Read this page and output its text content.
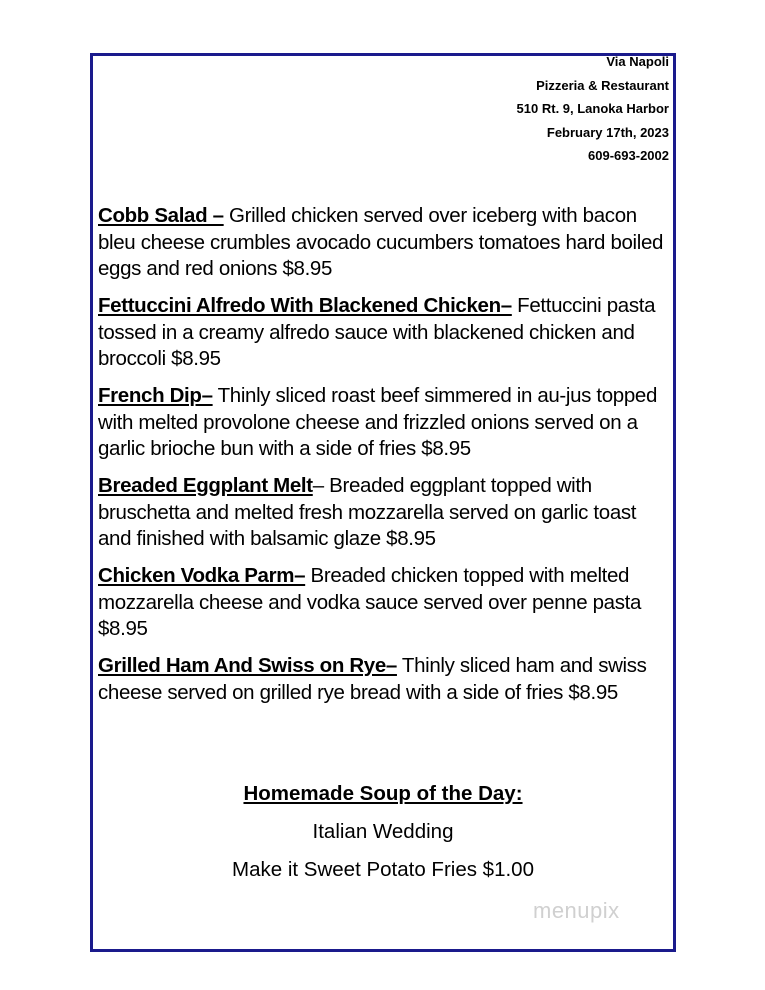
Via Napoli
Pizzeria & Restaurant
510 Rt. 9, Lanoka Harbor
February 17th, 2023
609-693-2002
Cobb Salad – Grilled chicken served over iceberg with bacon bleu cheese crumbles avocado cucumbers tomatoes hard boiled eggs and red onions $8.95
Fettuccini Alfredo With Blackened Chicken– Fettuccini pasta tossed in a creamy alfredo sauce with blackened chicken and broccoli $8.95
French Dip– Thinly sliced roast beef simmered in au-jus topped with melted provolone cheese and frizzled onions served on a garlic brioche bun with a side of fries $8.95
Breaded Eggplant Melt– Breaded eggplant topped with bruschetta and melted fresh mozzarella served on garlic toast and finished with balsamic glaze $8.95
Chicken Vodka Parm– Breaded chicken topped with melted mozzarella cheese and vodka sauce served over penne pasta $8.95
Grilled Ham And Swiss on Rye– Thinly sliced ham and swiss cheese served on grilled rye bread with a side of fries $8.95
Homemade Soup of the Day:
Italian Wedding
Make it Sweet Potato Fries $1.00
menupix
